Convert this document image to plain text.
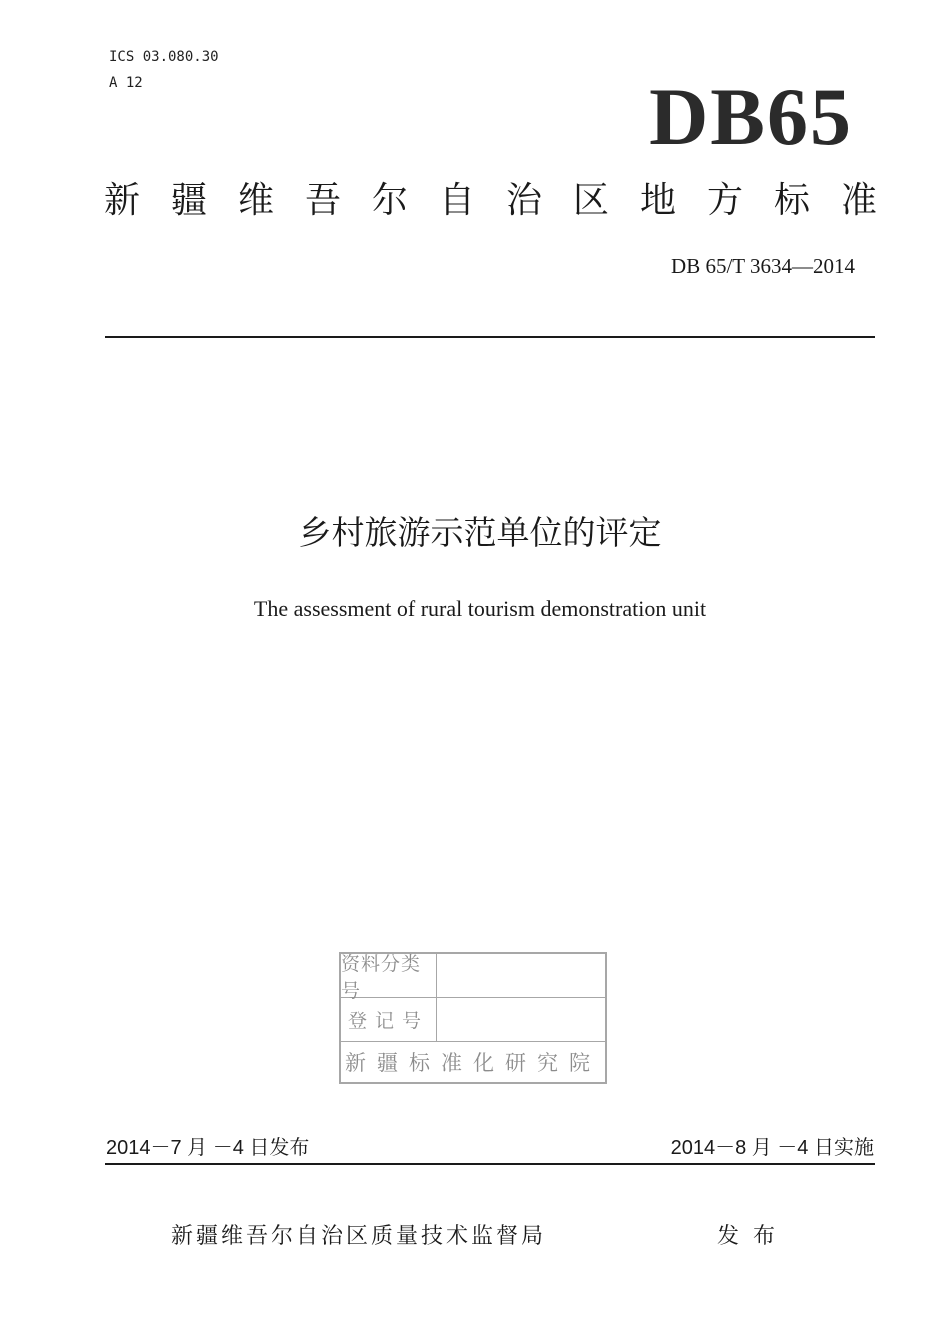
ICS 03.080.30
A 12	DB65
新疆维吾尔自治区地方标准
DB 65/T 3634—2014
乡村旅游示范单位的评定
The assessment of rural tourism demonstration unit
资料分类号
登记号
新疆标准化研究院
2014－7 月 －4 日发布	2014－8 月 －4 日实施
新疆维吾尔自治区质量技术监督局	发布
